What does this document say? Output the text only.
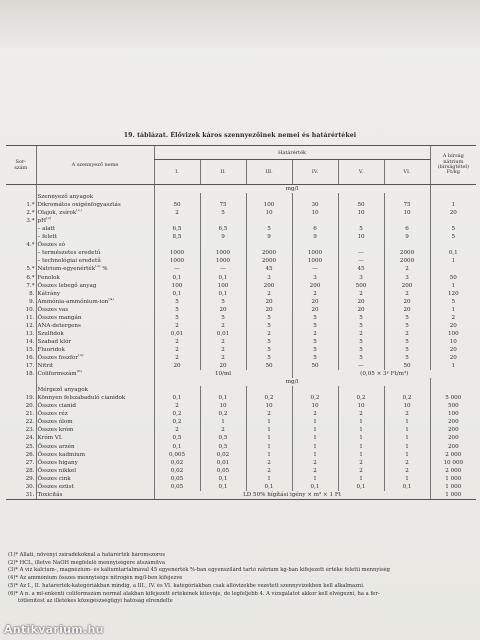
19. táblázat. Élővizek káros szennyezőinek nemei és határértékei
Sor-
szám	A szennyező neme	Határérték						A bírság
nátrium
(bírságtétel)
Ft/kg
		I.	II.	III.	IV.	V.	VI.	
		mg/l						
	Szennyező anyagok							
1.*	Dikromátos oxigénfogyasztás	50	75	100	30	50	75	1
2.*	Olajok, zsírok$^{(1)}$	2	5	10	10	10	10	20
3.*	$pH^{(2)}$							
	– alatt	6,5	6,5	5	6	5	6	5
	– felett	8,5	9	9	9	10	9	5
4.*	Összes só							
	– természetes eredetű	1000	1000	2000	1000	—	2000	0,1
	– technológiai eredetű	1000	1000	2000	1000	—	2000	1
5.*	Nátrium-egyenérték$^{(3)}$ %	—	—	45	—	45	2	
6.*	Fenolok	0,1	0,1	3	3	3	3	50
7.*	Összes lebegő anyag	100	100	200	200	500	200	1
8.	Kátrány	0,1	0,1	2	2	2	2	120
9.	Ammónia-ammónium-ion$^{(4)}$	5	5	20	20	20	20	5
10.	Összes vas	5	20	20	20	20	20	1
11.	Összes mangán	5	5	5	5	5	5	2
12.	ANA-detergens	2	2	5	5	5	5	20
13.	Szulfidok	0,01	0,01	2	2	2	2	100
14.	Szabad klór	2	2	5	5	5	5	10
15.	Fluoridok	2	2	5	5	5	5	20
16.	Összes foszfor$^{(5)}$	2	2	5	5	5	5	20
17.	Nitrit	20	20	50	50	—	50	1
18.	Coliformszám$^{(6)}$	10/ml			(0,05 × 3ᵖ Ft/m³)			
		mg/l						
	Mérgező anyagok							
19.	Könnyen felszabaduló cianidok	0,1	0,1	0,2	0,2	0,2	0,2	5 000
20.	Összes cianid	2	10	10	10	10	10	500
21.	Összes réz	0,2	0,2	2	2	2	2	100
22.	Összes ólom	0,2	1	1	1	1	1	200
23.	Összes króm	2	2	1	1	1	1	200
24.	Króm VI.	0,5	0,5	1	1	1	1	200
25.	Összes arzén	0,1	0,5	1	1	1	1	200
26.	Összes kadmium	0,005	0,02	1	1	1	1	2 000
27.	Összes higany	0,02	0,01	2	2	2	2	10 000
28.	Összes nikkel	0,02	0,05	2	2	2	2	2 000
29.	Összes cink	0,05	0,1	1	1	1	1	1 000
30.	Összes ezüst	0,05	0,1	0,1	0,1	0,1	0,1	1 000
31.	Toxicitás	LD 50% hígítási igény × m³ × 1 Ft						1 000
(1)* Állati, növényi zsiradékoknál a határérték háromszoros
(2)* HCL, illetve NaOH megfelelő mennyiségére átszámítva
(3)* A víz kalcium-, magnézium- és káliumtartalmával 45 egyenérték %-ban egyenszilárd tartó nátrium kg-ban kifejezett értéke feletti mennyiség
(4)* Az ammónium összes mennyisége nitrogén mg/l-ben kifejezve
(5)* Az I., II. határérték-kategóriákban mindig, a III., IV. és VI. kategóriákban csak állóvizekbe vezetett szennyvizekben kell alkalmazni.
(6)* A n. a ml-enkénti coliformszám normál alakban kifejezett értékének kitevője, de legfeljebb 4. A vizsgálatot akkor kell elvégezni, ha a fer-
tőtlenítést az illetékes közegészségügyi hatóság elrendelte
Antikvarium.hu
